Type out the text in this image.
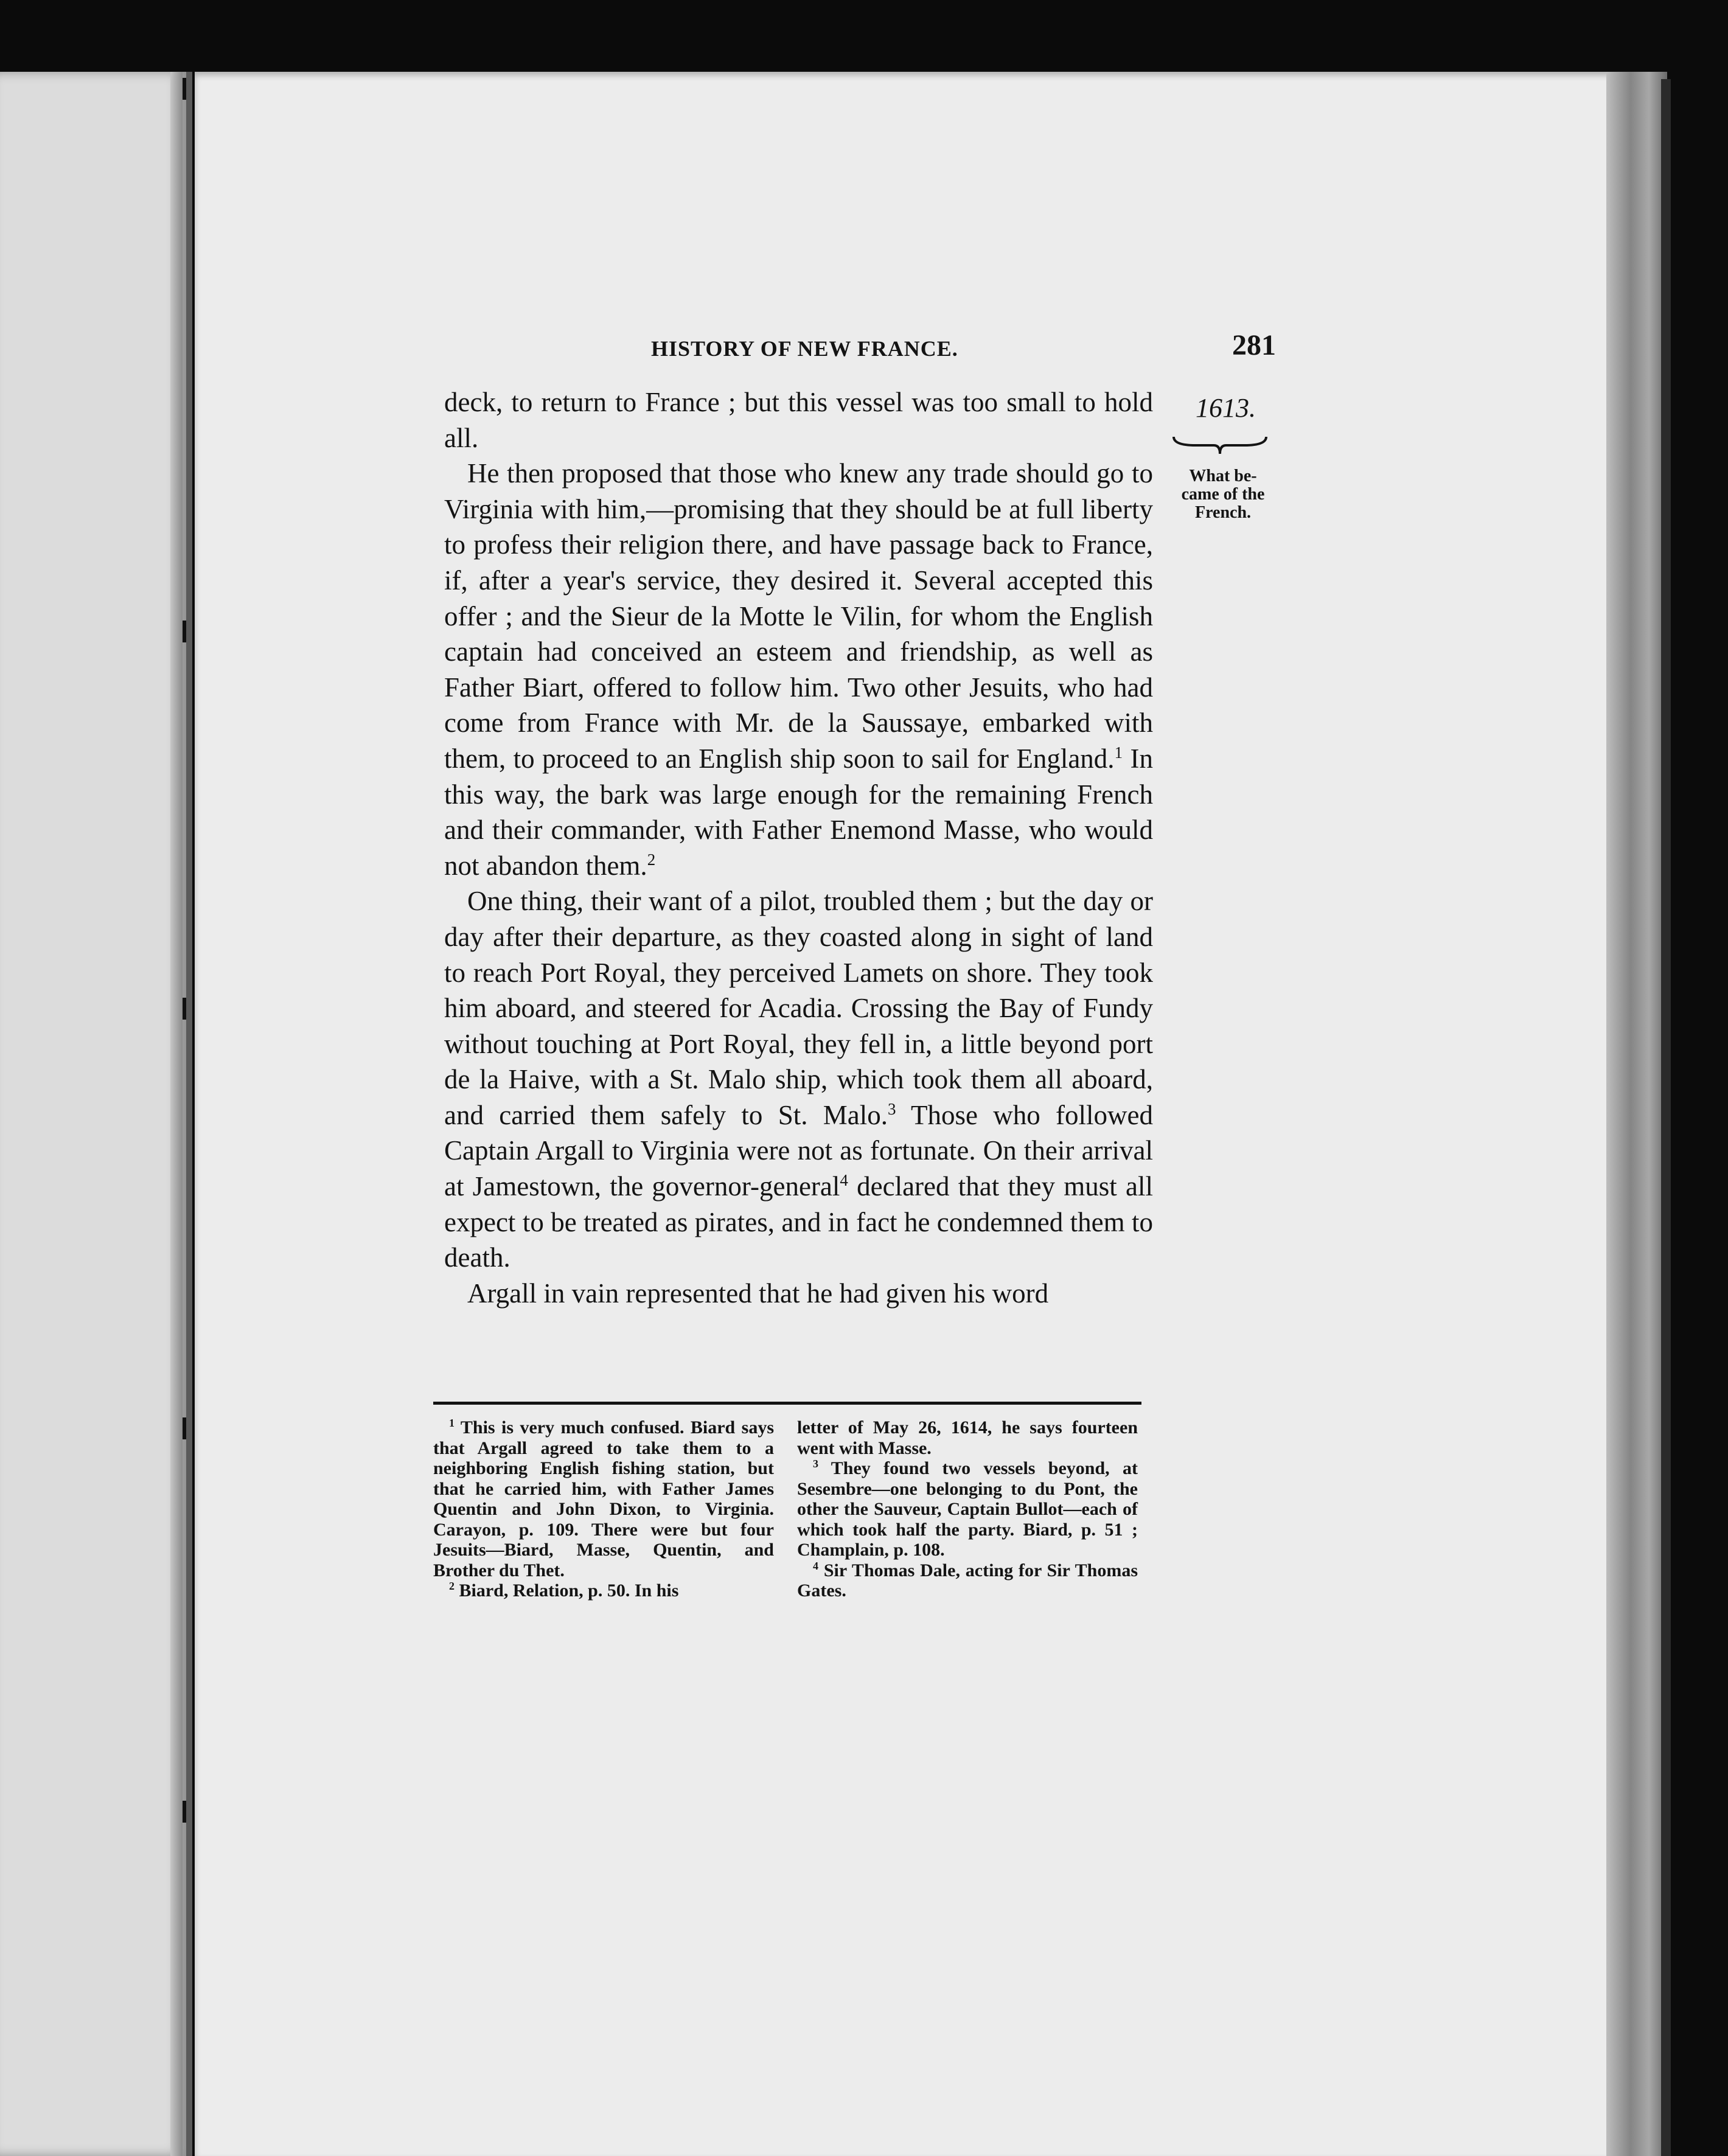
HISTORY OF NEW FRANCE.	281
1613.
What be-came of the French.

deck, to return to France ; but this vessel was too small to hold all.

He then proposed that those who knew any trade should go to Virginia with him,—promising that they should be at full liberty to profess their religion there, and have passage back to France, if, after a year's service, they desired it. Several accepted this offer ; and the Sieur de la Motte le Vilin, for whom the English captain had conceived an esteem and friendship, as well as Father Biart, offered to follow him. Two other Jesuits, who had come from France with Mr. de la Saussaye, embarked with them, to proceed to an English ship soon to sail for England.$^1$ In this way, the bark was large enough for the remaining French and their commander, with Father Enemond Masse, who would not abandon them.$^2$

One thing, their want of a pilot, troubled them ; but the day or day after their departure, as they coasted along in sight of land to reach Port Royal, they perceived Lamets on shore. They took him aboard, and steered for Acadia. Crossing the Bay of Fundy without touching at Port Royal, they fell in, a little beyond port de la Haive, with a St. Malo ship, which took them all aboard, and carried them safely to St. Malo.$^3$ Those who followed Captain Argall to Virginia were not as fortunate. On their arrival at Jamestown, the governor-general$^4$ declared that they must all expect to be treated as pirates, and in fact he condemned them to death.

Argall in vain represented that he had given his word

$^1$ This is very much confused. Biard says that Argall agreed to take them to a neighboring English fishing station, but that he carried him, with Father James Quentin and John Dixon, to Virginia. Carayon, p. 109. There were but four Jesuits—Biard, Masse, Quentin, and Brother du Thet.

$^2$ Biard, Relation, p. 50. In his

letter of May 26, 1614, he says fourteen went with Masse.

$^3$ They found two vessels beyond, at Sesembre—one belonging to du Pont, the other the Sauveur, Captain Bullot—each of which took half the party. Biard, p. 51 ; Champlain, p. 108.

$^4$ Sir Thomas Dale, acting for Sir Thomas Gates.
